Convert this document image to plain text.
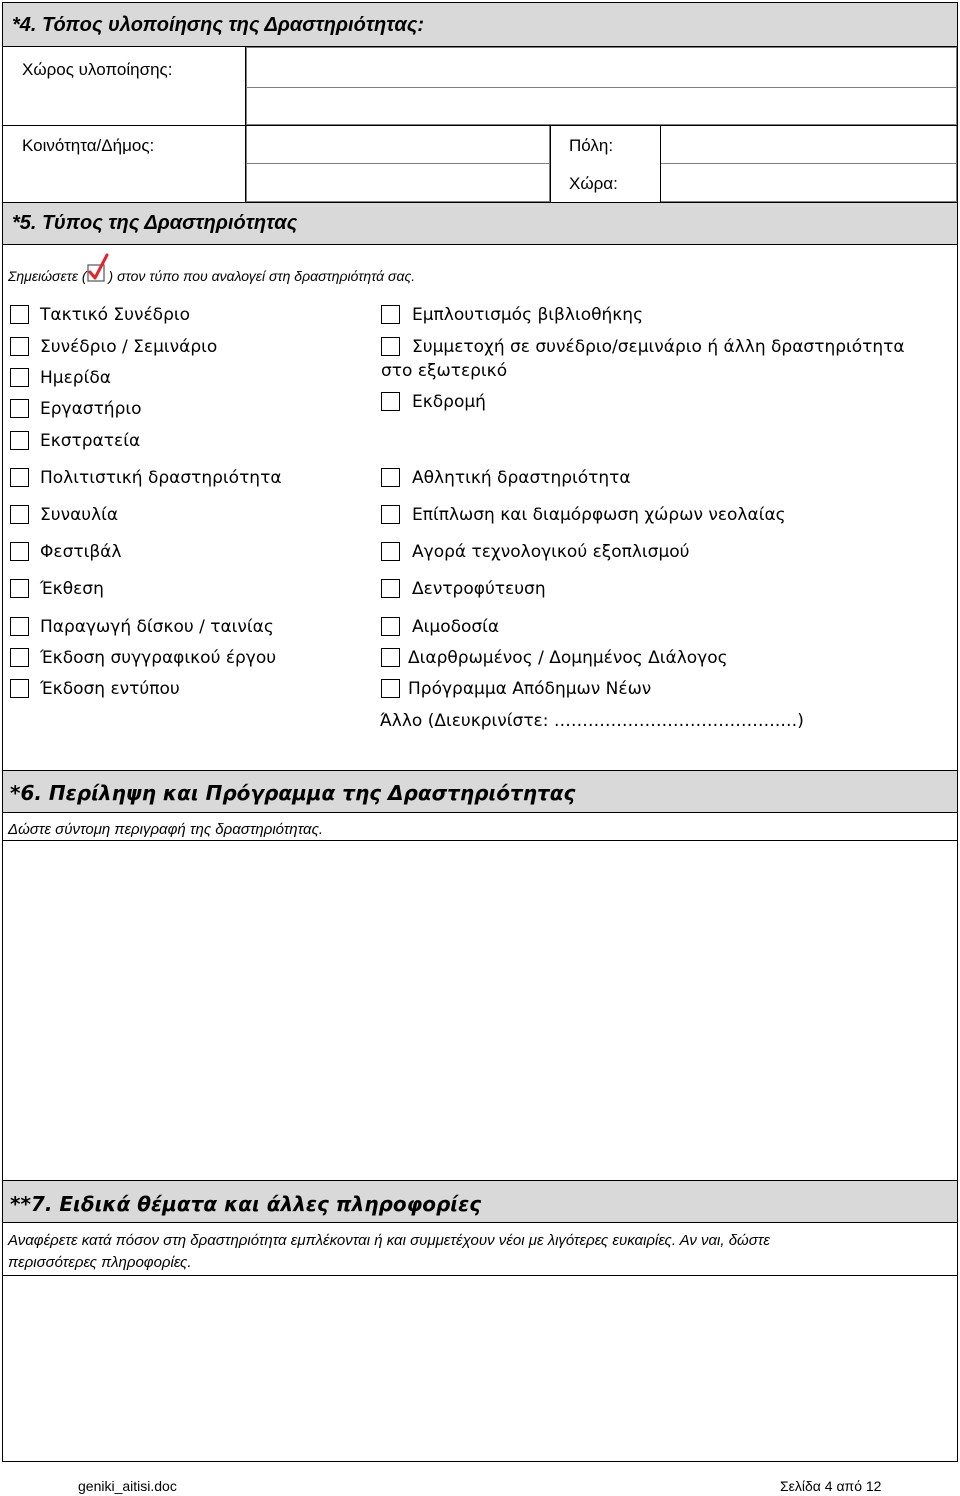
*4. Τόπος υλοποίησης της Δραστηριότητας:
Χώρος υλοποίησης:
Κοινότητα/Δήμος:	Πόλη:
Χώρα:
*5. Τύπος της Δραστηριότητας
Σημειώσετε ( ) στον τύπο που αναλογεί στη δραστηριότητά σας.
Τακτικό Συνέδριο
Συνέδριο / Σεμινάριο
Ημερίδα
Εργαστήριο
Εκστρατεία
Πολιτιστική δραστηριότητα
Συναυλία
Φεστιβάλ
Έκθεση
Παραγωγή δίσκου / ταινίας
Έκδοση συγγραφικού έργου
Έκδοση εντύπου
Εμπλουτισμός βιβλιοθήκης
Συμμετοχή σε συνέδριο/σεμινάριο ή άλλη δραστηριότητα στο εξωτερικό
Εκδρομή
Αθλητική δραστηριότητα
Επίπλωση και διαμόρφωση χώρων νεολαίας
Αγορά τεχνολογικού εξοπλισμού
Δεντροφύτευση
Αιμοδοσία
Διαρθρωμένος / Δομημένος Διάλογος
Πρόγραμμα Απόδημων Νέων
Άλλο (Διευκρινίστε: ………………………………….…)
*6. Περίληψη και Πρόγραμμα της Δραστηριότητας
Δώστε σύντομη περιγραφή της δραστηριότητας.
**7. Ειδικά θέματα και άλλες πληροφορίες
Αναφέρετε κατά πόσον στη δραστηριότητα εμπλέκονται ή και συμμετέχουν νέοι με λιγότερες ευκαιρίες. Αν ναι, δώστε
περισσότερες πληροφορίες.
geniki_aitisi.doc	Σελίδα 4 από 12
